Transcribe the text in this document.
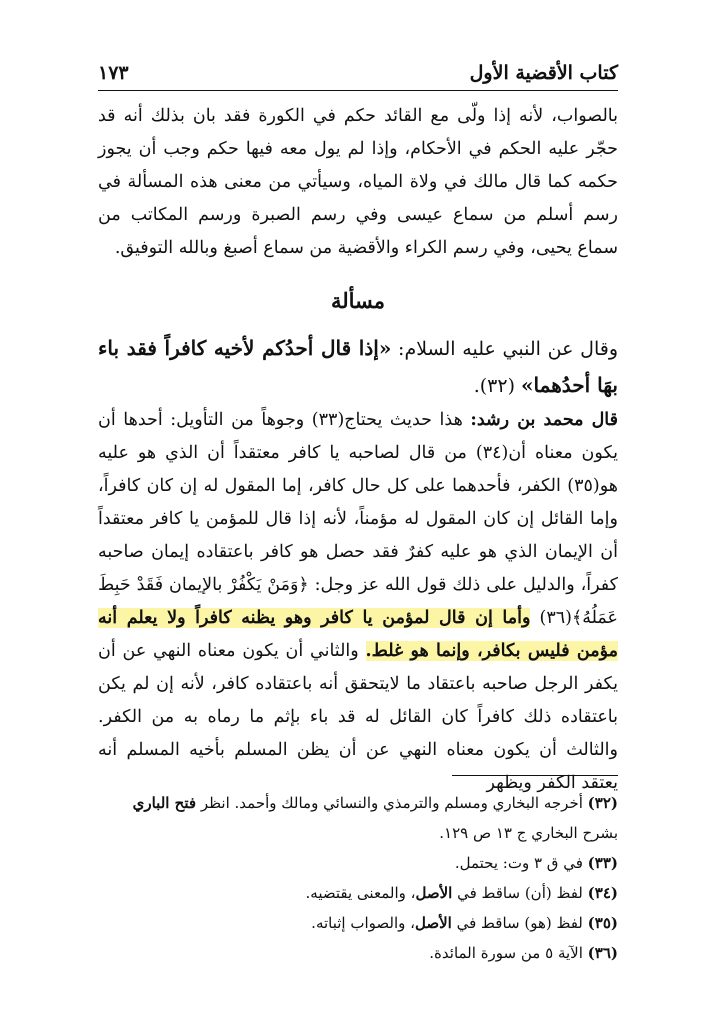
كتاب الأقضية الأول
١٧٣
بالصواب، لأنه إذا ولّى مع القائد حكم في الكورة فقد بان بذلك أنه قد حجّر عليه الحكم في الأحكام، وإذا لم يول معه فيها حكم وجب أن يجوز حكمه كما قال مالك في ولاة المياه، وسيأتي من معنى هذه المسألة في رسم أسلم من سماع عيسى وفي رسم الصبرة ورسم المكاتب من سماع يحيى، وفي رسم الكراء والأقضية من سماع أصبغ وبالله التوفيق.
مسألة
وقال عن النبي عليه السلام: «إذا قال أحدُكم لأخيه كافراً فقد باء بهَا أحدُهما» (٣٢).
قال محمد بن رشد: هذا حديث يحتاج(٣٣) وجوهاً من التأويل: أحدها أن يكون معناه أن(٣٤) من قال لصاحبه يا كافر معتقداً أن الذي هو عليه هو(٣٥) الكفر، فأحدهما على كل حال كافر، إما المقول له إن كان كافراً، وإما القائل إن كان المقول له مؤمناً، لأنه إذا قال للمؤمن يا كافر معتقداً أن الإيمان الذي هو عليه كفرٌ فقد حصل هو كافر باعتقاده إيمان صاحبه كفراً، والدليل على ذلك قول الله عز وجل: ﴿وَمَنْ يَكْفُرْ بالإيمان فَقَدْ حَبِطَ عَمَلُهُ﴾(٣٦) وأما إن قال لمؤمن يا كافر وهو يظنه كافراً ولا يعلم أنه مؤمن فليس بكافر، وإنما هو غلط. والثاني أن يكون معناه النهي عن أن يكفر الرجل صاحبه باعتقاد ما لايتحقق أنه باعتقاده كافر، لأنه إن لم يكن باعتقاده ذلك كافراً كان القائل له قد باء بإثم ما رماه به من الكفر. والثالث أن يكون معناه النهي عن أن يظن المسلم بأخيه المسلم أنه يعتقد الكفر ويظهر
(٣٢) أخرجه البخاري ومسلم والترمذي والنسائي ومالك وأحمد. انظر فتح الباري بشرح البخاري ج ١٣ ص ١٢٩.
(٣٣) في ق ٣ وت: يحتمل.
(٣٤) لفظ (أن) ساقط في الأصل، والمعنى يقتضيه.
(٣٥) لفظ (هو) ساقط في الأصل، والصواب إثباته.
(٣٦) الآية ٥ من سورة المائدة.
